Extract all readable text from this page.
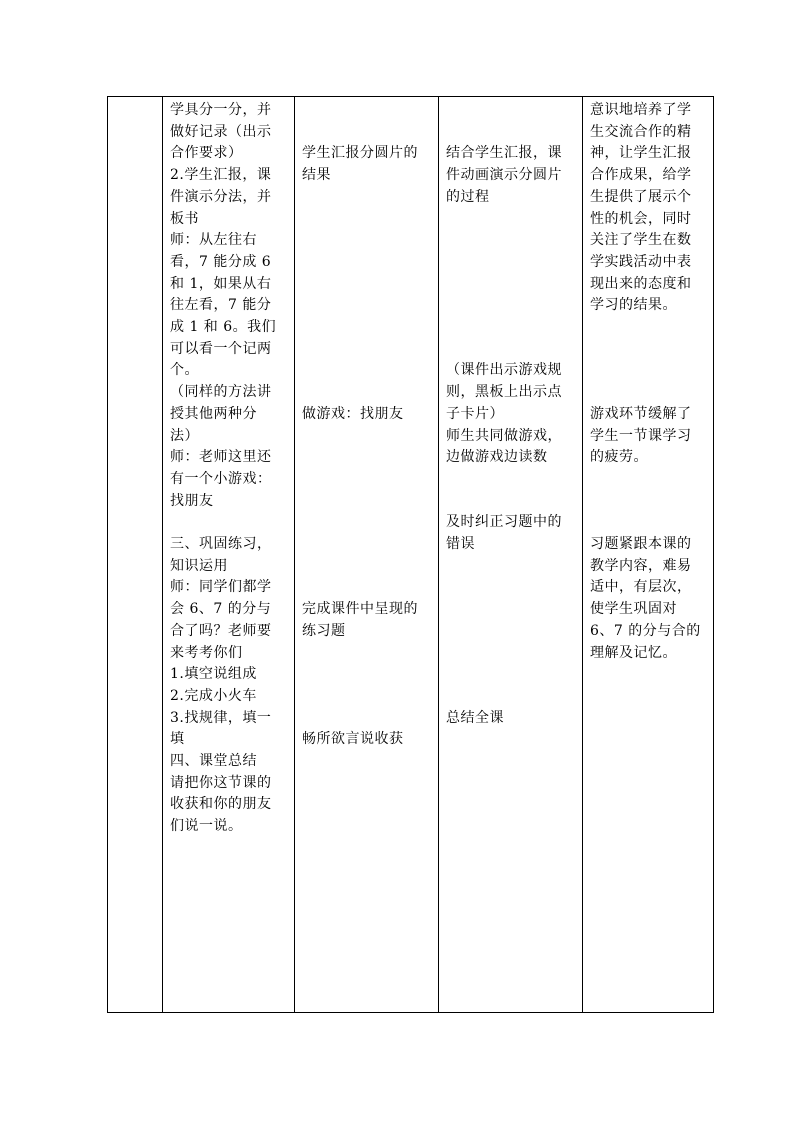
学具分一分，并
做好记录（出示
合作要求）
2.学生汇报，课
件演示分法，并
板书
师：从左往右
看，7 能分成 6
和 1，如果从右
往左看，7 能分
成 1 和 6。我们
可以看一个记两
个。
（同样的方法讲
授其他两种分
法）
师：老师这里还
有一个小游戏：
找朋友
三、巩固练习，
知识运用
师：同学们都学
会 6、7 的分与
合了吗？老师要
来考考你们
1.填空说组成
2.完成小火车
3.找规律，填一
填
四、课堂总结
请把你这节课的
收获和你的朋友
们说一说。
学生汇报分圆片的
结果
做游戏：找朋友
完成课件中呈现的
练习题
畅所欲言说收获
结合学生汇报，课
件动画演示分圆片
的过程
（课件出示游戏规
则，黑板上出示点
子卡片）
师生共同做游戏，
边做游戏边读数
及时纠正习题中的
错误
总结全课
意识地培养了学
生交流合作的精
神，让学生汇报
合作成果，给学
生提供了展示个
性的机会，同时
关注了学生在数
学实践活动中表
现出来的态度和
学习的结果。
游戏环节缓解了
学生一节课学习
的疲劳。
习题紧跟本课的
教学内容，难易
适中，有层次，
使学生巩固对
6、7 的分与合的
理解及记忆。
